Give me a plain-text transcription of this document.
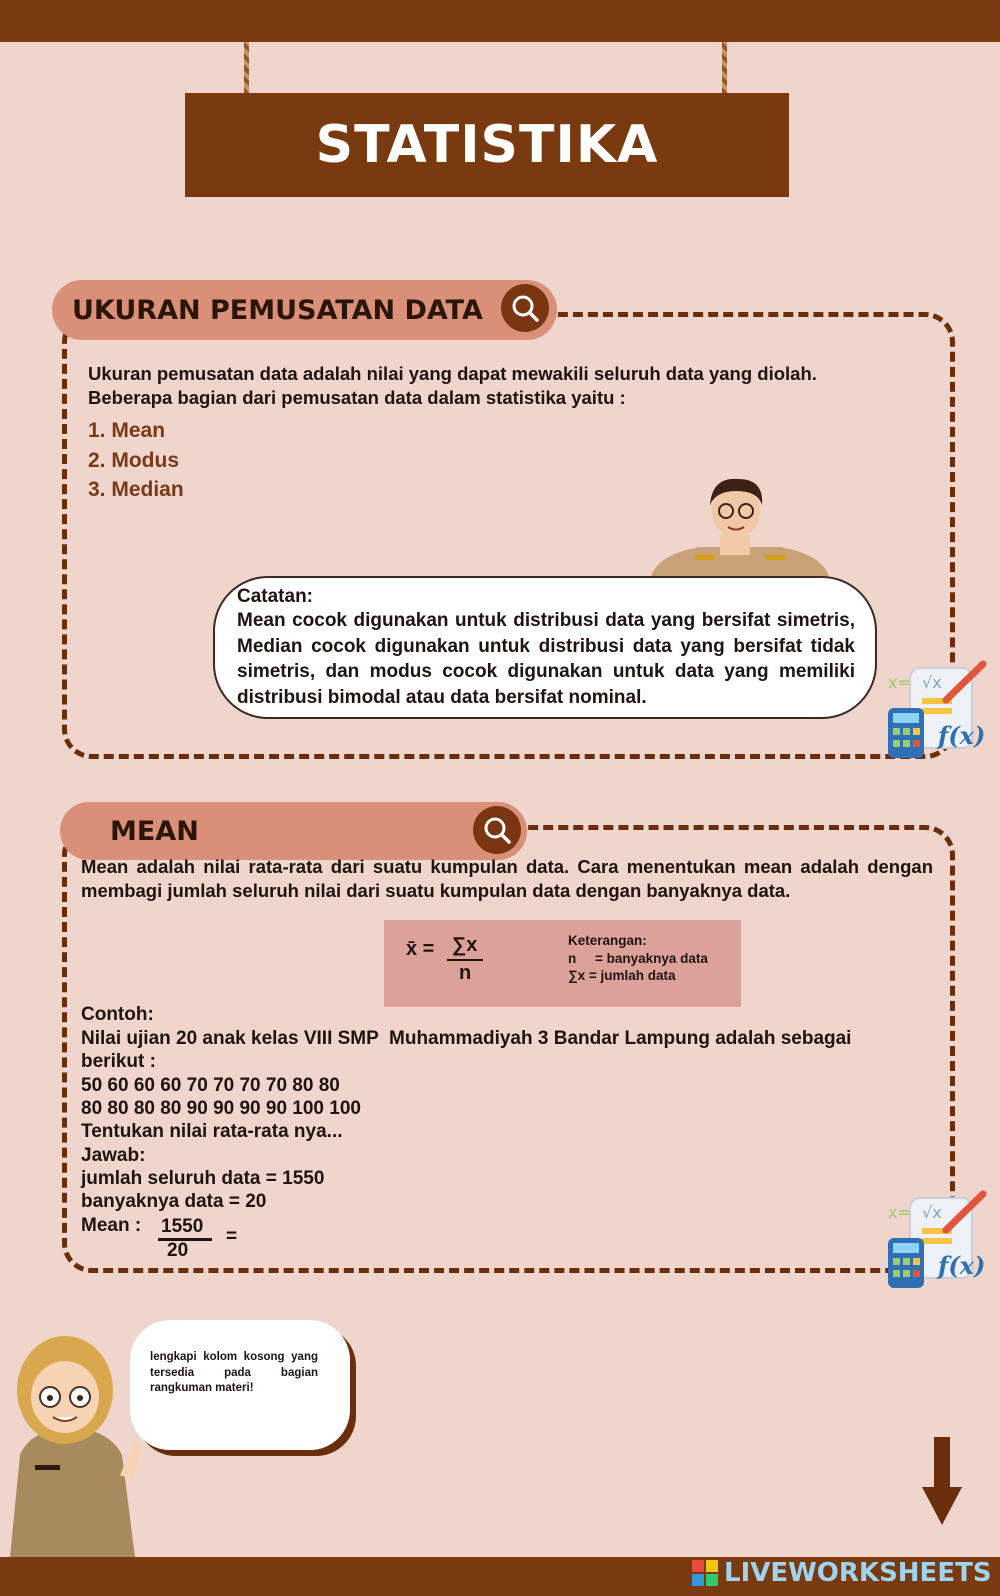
STATISTIKA
UKURAN PEMUSATAN DATA
Ukuran pemusatan data adalah nilai yang dapat mewakili seluruh data yang diolah.
Beberapa bagian dari pemusatan data dalam statistika yaitu :
1. Mean
2. Modus
3. Median
Catatan:
Mean cocok digunakan untuk distribusi data yang bersifat simetris, Median cocok digunakan untuk distribusi data yang bersifat tidak simetris, dan modus cocok digunakan untuk data yang memiliki distribusi bimodal atau data bersifat nominal.
x= √x
f(x)
MEAN
Mean adalah nilai rata-rata dari suatu kumpulan data. Cara menentukan mean adalah dengan membagi jumlah seluruh nilai dari suatu kumpulan data dengan banyaknya data.
x̄ = ∑x
n
Keterangan:
n     = banyaknya data
∑x = jumlah data
Contoh:
Nilai ujian 20 anak kelas VIII SMP  Muhammadiyah 3 Bandar Lampung adalah sebagai
berikut :
50 60 60 60 70 70 70 70 80 80
80 80 80 80 90 90 90 90 100 100
Tentukan nilai rata-rata nya...
Jawab:
jumlah seluruh data = 1550
banyaknya data = 20
Mean : 1550
20
=
x= √x
f(x)
lengkapi kolom kosong yang tersedia pada bagian rangkuman materi!
LIVEWORKSHEETS
